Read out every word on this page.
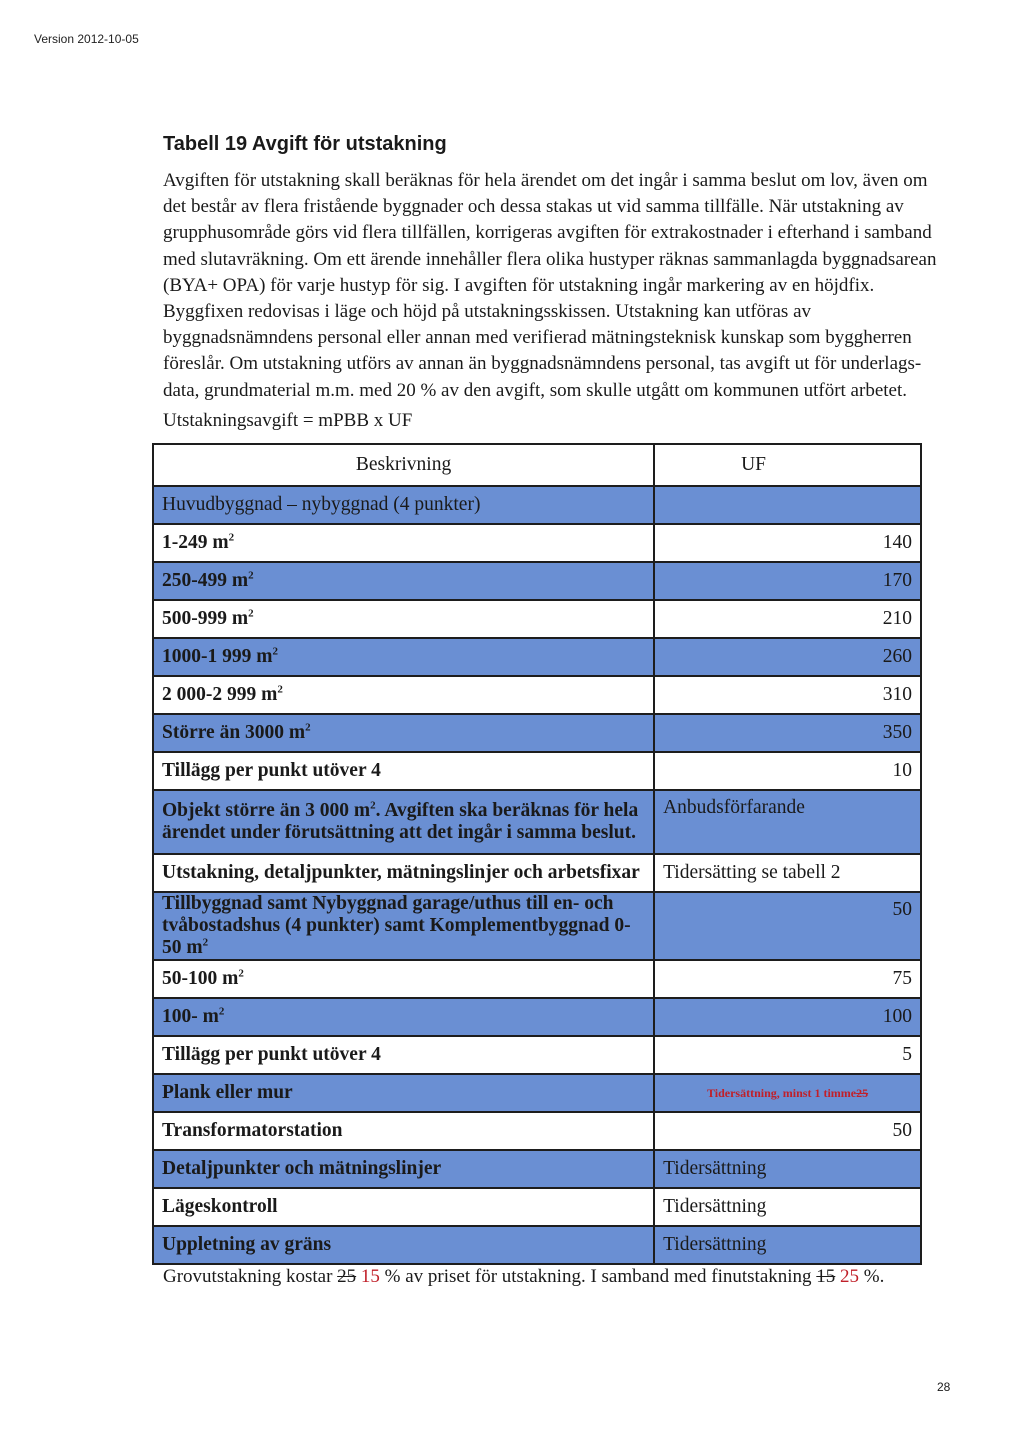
Version 2012-10-05
Tabell 19 Avgift för utstakning
Avgiften för utstakning skall beräknas för hela ärendet om det ingår i samma beslut om lov, även om det består av flera fristående byggnader och dessa stakas ut vid samma tillfälle. När utstakning av grupphusområde görs vid flera tillfällen, korrigeras avgiften för extrakostnader i efterhand i samband med slutavräkning. Om ett ärende innehåller flera olika hustyper räknas sammanlagda byggnadsarean (BYA+ OPA) för varje hustyp för sig. I avgiften för utstakning ingår markering av en höjdfix. Byggfixen redovisas i läge och höjd på utstakningsskissen. Utstakning kan utföras av byggnadsnämndens personal eller annan med verifierad mätningsteknisk kunskap som byggherren föreslår. Om utstakning utförs av annan än byggnadsnämndens personal, tas avgift ut för underlags-data, grundmaterial m.m. med 20 % av den avgift, som skulle utgått om kommunen utfört arbetet.
Utstakningsavgift = mPBB x UF
Beskrivning	UF
Huvudbyggnad – nybyggnad (4 punkter)	
1-249 $m^2$	140
250-499 $m^2$	170
500-999 $m^2$	210
1000-1 999 $m^2$	260
2 000-2 999 $m^2$	310
Större än 3000 $m^2$	350
Tillägg per punkt utöver 4	10
Objekt större än 3 000 $m^2$. Avgiften ska beräknas för hela ärendet under förutsättning att det ingår i samma beslut.	Anbudsförfarande
Utstakning, detaljpunkter, mätningslinjer och arbetsfixar	Tidersätting se tabell 2
Tillbyggnad samt Nybyggnad garage/uthus till en- och tvåbostadshus (4 punkter) samt Komplementbyggnad 0-50 $m^2$	50
50-100 $m^2$	75
100- $m^2$	100
Tillägg per punkt utöver 4	5
Plank eller mur	Tidersättning, minst 1 timme25

Transformatorstation	50
Detaljpunkter och mätningslinjer	Tidersättning
Lägeskontroll	Tidersättning
Uppletning av gräns	Tidersättning
Grovutstakning kostar 25 15 % av priset för utstakning. I samband med finutstakning 15 25 %.
28
